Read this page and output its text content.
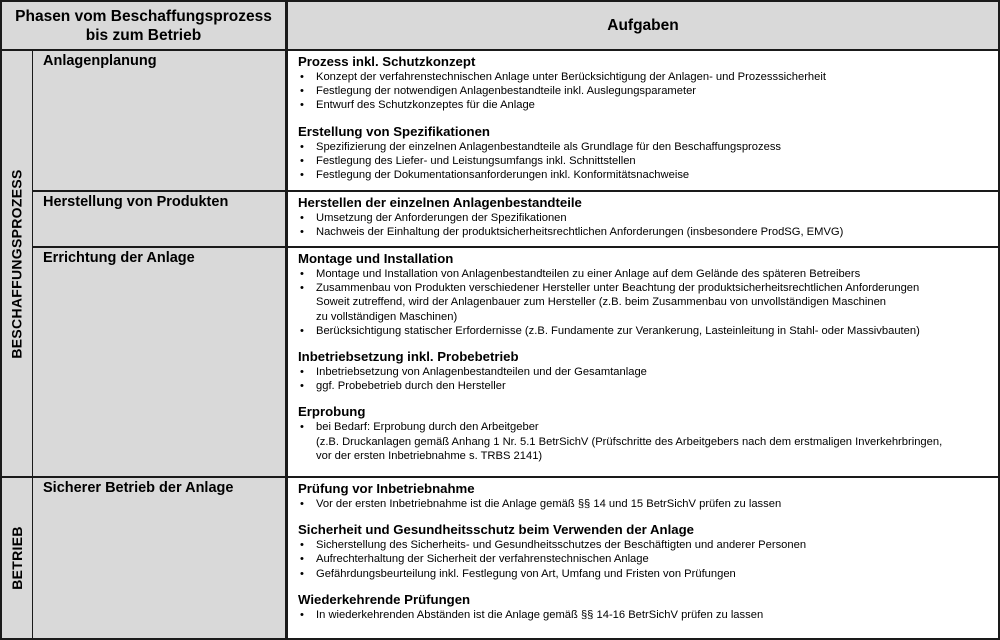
Phasen vom Beschaffungsprozess
bis zum Betrieb
Aufgaben
BESCHAFFUNGSPROZESS
BETRIEB
Anlagenplanung
Herstellung von Produkten
Errichtung der Anlage
Sicherer Betrieb der Anlage
Prozess inkl. Schutzkonzept
• Konzept der verfahrenstechnischen Anlage unter Berücksichtigung der Anlagen- und Prozesssicherheit
• Festlegung der notwendigen Anlagenbestandteile inkl. Auslegungsparameter
• Entwurf des Schutzkonzeptes für die Anlage
Erstellung von Spezifikationen
• Spezifizierung der einzelnen Anlagenbestandteile als Grundlage für den Beschaffungsprozess
• Festlegung des Liefer- und Leistungsumfangs inkl. Schnittstellen
• Festlegung der Dokumentationsanforderungen inkl. Konformitätsnachweise
Herstellen der einzelnen Anlagenbestandteile
• Umsetzung der Anforderungen der Spezifikationen
• Nachweis der Einhaltung der produktsicherheitsrechtlichen Anforderungen (insbesondere ProdSG, EMVG)
Montage und Installation
• Montage und Installation von Anlagenbestandteilen zu einer Anlage auf dem Gelände des späteren Betreibers
• Zusammenbau von Produkten verschiedener Hersteller unter Beachtung der produktsicherheitsrechtlichen Anforderungen
Soweit zutreffend, wird der Anlagenbauer zum Hersteller (z.B. beim Zusammenbau von unvollständigen Maschinen
zu vollständigen Maschinen)
• Berücksichtigung statischer Erfordernisse (z.B. Fundamente zur Verankerung, Lasteinleitung in Stahl- oder Massivbauten)
Inbetriebsetzung inkl. Probebetrieb
• Inbetriebsetzung von Anlagenbestandteilen und der Gesamtanlage
• ggf. Probebetrieb durch den Hersteller
Erprobung
• bei Bedarf: Erprobung durch den Arbeitgeber
(z.B. Druckanlagen gemäß Anhang 1 Nr. 5.1 BetrSichV (Prüfschritte des Arbeitgebers nach dem erstmaligen Inverkehrbringen,
vor der ersten Inbetriebnahme s. TRBS 2141)
Prüfung vor Inbetriebnahme
• Vor der ersten Inbetriebnahme ist die Anlage gemäß §§ 14 und 15 BetrSichV prüfen zu lassen
Sicherheit und Gesundheitsschutz beim Verwenden der Anlage
• Sicherstellung des Sicherheits- und Gesundheitsschutzes der Beschäftigten und anderer Personen
• Aufrechterhaltung der Sicherheit der verfahrenstechnischen Anlage
• Gefährdungsbeurteilung inkl. Festlegung von Art, Umfang und Fristen von Prüfungen
Wiederkehrende Prüfungen
• In wiederkehrenden Abständen ist die Anlage gemäß §§ 14-16 BetrSichV prüfen zu lassen
